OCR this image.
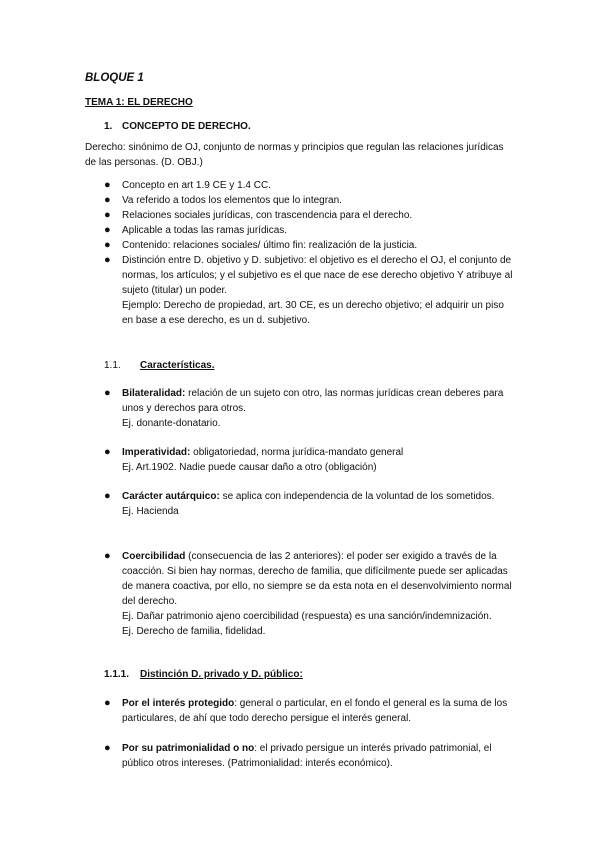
BLOQUE 1
TEMA 1: EL DERECHO
1. CONCEPTO DE DERECHO.
Derecho: sinónimo de OJ, conjunto de normas y principios que regulan las relaciones jurídicas de las personas. (D. OBJ.)
● Concepto en art 1.9 CE y 1.4 CC.
● Va referido a todos los elementos que lo integran.
● Relaciones sociales jurídicas, con trascendencia para el derecho.
● Aplicable a todas las ramas jurídicas.
● Contenido: relaciones sociales/ último fin: realización de la justicia.
● Distinción entre D. objetivo y D. subjetivo: el objetivo es el derecho el OJ, el conjunto de normas, los artículos; y el subjetivo es el que nace de ese derecho objetivo Y atribuye al sujeto (titular) un poder.
Ejemplo: Derecho de propiedad, art. 30 CE, es un derecho objetivo; el adquirir un piso en base a ese derecho, es un d. subjetivo.
1.1. Características.
● Bilateralidad: relación de un sujeto con otro, las normas jurídicas crean deberes para unos y derechos para otros.
Ej. donante-donatario.
● Imperatividad: obligatoriedad, norma jurídica-mandato general
Ej. Art.1902. Nadie puede causar daño a otro (obligación)
● Carácter autárquico: se aplica con independencia de la voluntad de los sometidos.
Ej. Hacienda
● Coercibilidad (consecuencia de las 2 anteriores): el poder ser exigido a través de la coacción. Si bien hay normas, derecho de familia, que difícilmente puede ser aplicadas de manera coactiva, por ello, no siempre se da esta nota en el desenvolvimiento normal del derecho.
Ej. Dañar patrimonio ajeno coercibilidad (respuesta) es una sanción/indemnización.
Ej. Derecho de familia, fidelidad.
1.1.1. Distinción D. privado y D. público:
● Por el interés protegido: general o particular, en el fondo el general es la suma de los particulares, de ahí que todo derecho persigue el interés general.
● Por su patrimonialidad o no: el privado persigue un interés privado patrimonial, el público otros intereses. (Patrimonialidad: interés económico).
